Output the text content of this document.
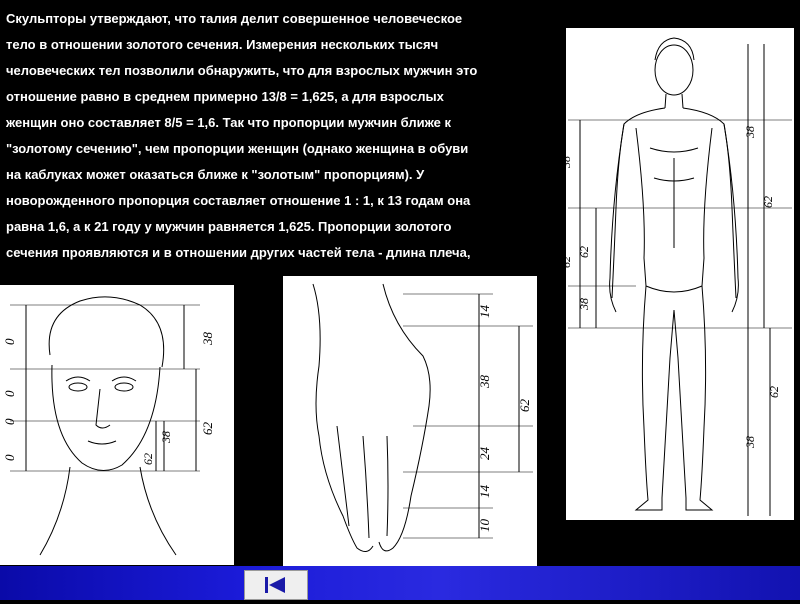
Скульпторы утверждают, что талия делит совершенное человеческое
тело в отношении золотого сечения. Измерения нескольких тысяч
человеческих тел позволили обнаружить, что для взрослых мужчин это
отношение равно в среднем примерно 13/8 = 1,625, а для взрослых
женщин оно составляет 8/5 = 1,6. Так что пропорции мужчин ближе к
"золотому сечению", чем пропорции женщин (однако женщина в обуви
на каблуках может оказаться ближе к "золотым" пропорциям). У
новорожденного пропорция составляет отношение 1 : 1, к 13 годам она
равна 1,6, а к 21 году у мужчин равняется 1,625. Пропорции золотого
сечения проявляются и в отношении других частей тела - длина плеча,
38
62
62
38
38
62
62
38
0
0
0
0
38
62
38
62
14
38
24
14
10
62
